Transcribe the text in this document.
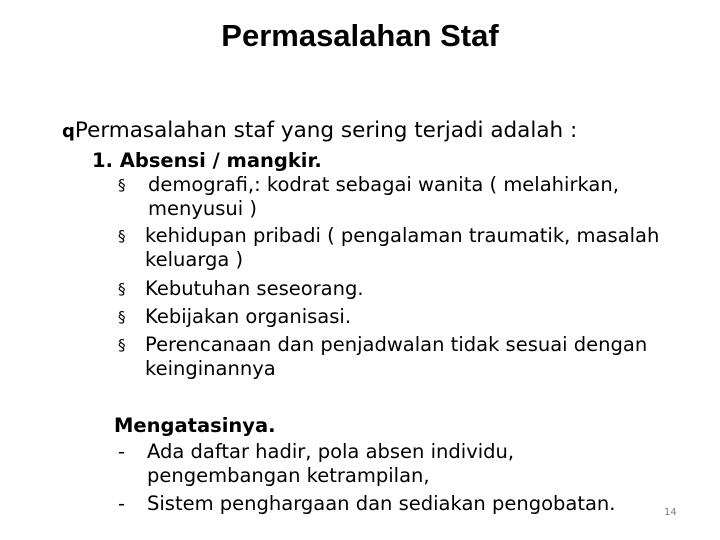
Permasalahan Staf
qPermasalahan staf yang sering terjadi adalah :
1. Absensi / mangkir.
§ demografi,: kodrat sebagai wanita ( melahirkan,
menyusui )
§ kehidupan pribadi ( pengalaman traumatik, masalah
keluarga )
§ Kebutuhan seseorang.
§ Kebijakan organisasi.
§ Perencanaan dan penjadwalan tidak sesuai dengan
keinginannya
Mengatasinya.
- Ada daftar hadir, pola absen individu,
pengembangan ketrampilan,
- Sistem penghargaan dan sediakan pengobatan.	14
